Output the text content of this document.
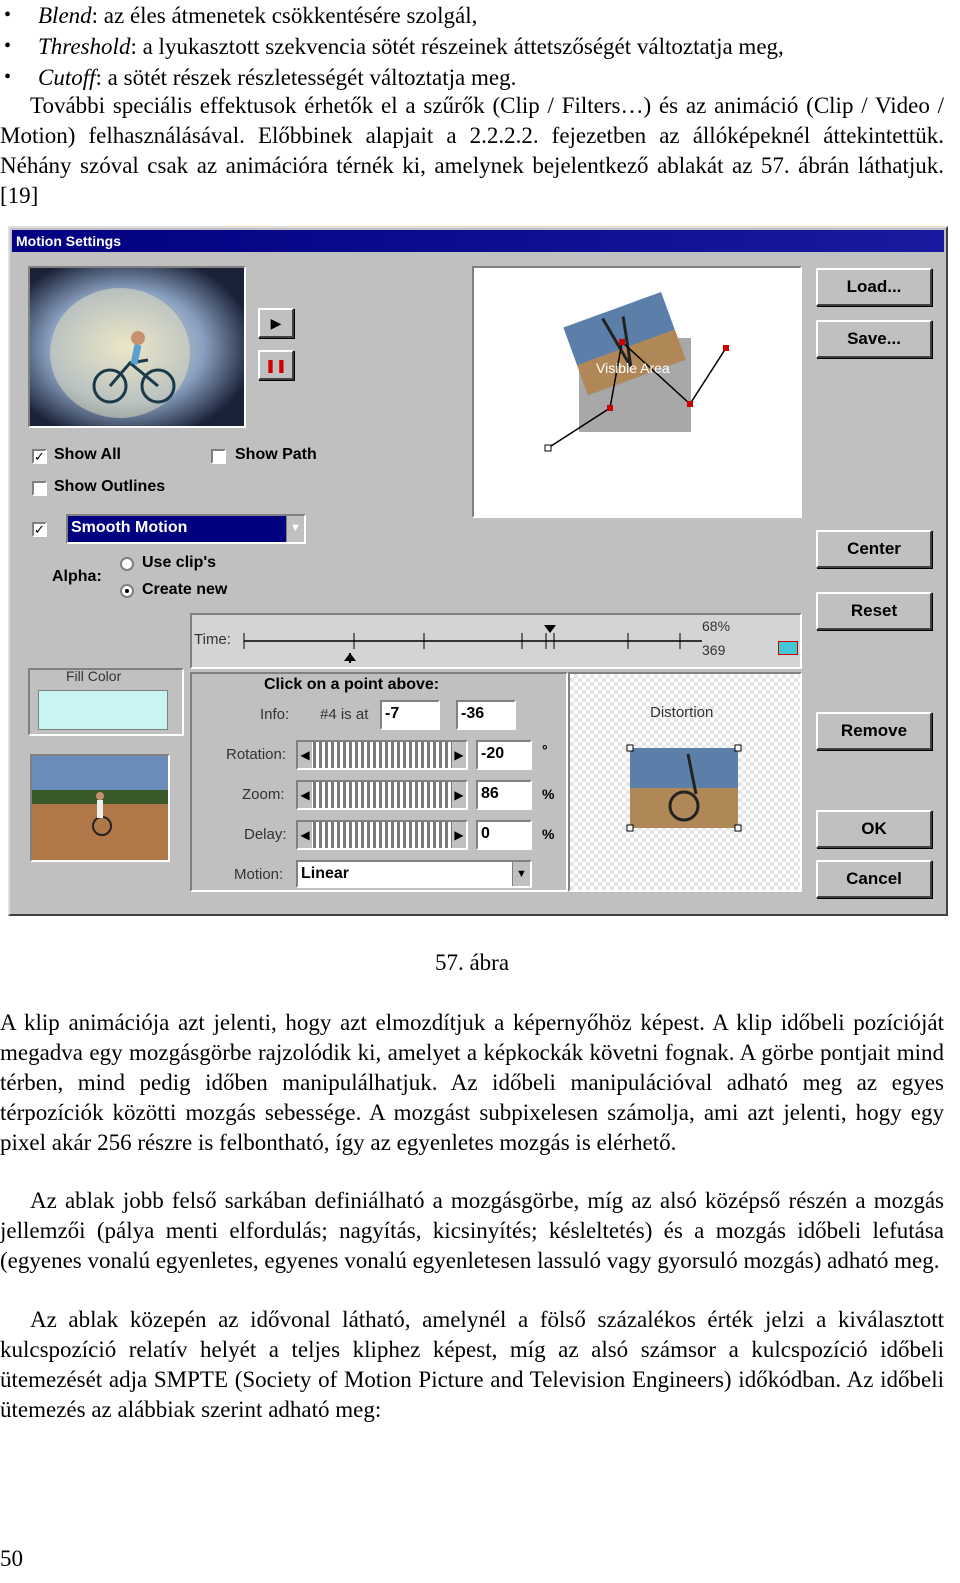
• Blend: az éles átmenetek csökkentésére szolgál,
• Threshold: a lyukasztott szekvencia sötét részeinek áttetszőségét változtatja meg,
• Cutoff: a sötét részek részletességét változtatja meg.

További speciális effektusok érhetők el a szűrők (Clip / Filters…) és az animáció (Clip / Video / Motion) felhasználásával. Előbbinek alapjait a 2.2.2.2. fejezetben az állóképeknél áttekintettük. Néhány szóval csak az animációra térnék ki, amelynek bejelentkező ablakát az 57. ábrán láthatjuk. [19]

Motion Settings
▶
❚❚
✓ Show All	Show Path
Show Outlines
✓	Smooth Motion	▼
Alpha:
Use clip's
Create new
Visible Area
Load...
Save...
Center
Reset
Remove
OK
Cancel
Time:
68%
369
Fill Color	Click on a point above:
Info: #4 is at	-7	-36
Rotation: ◀	▶	-20	°
Zoom: ◀	▶	86	%
Delay: ◀	▶	0	%
Motion:	Linear	▼
Distortion
57. ábra

A klip animációja azt jelenti, hogy azt elmozdítjuk a képernyőhöz képest. A klip időbeli pozícióját megadva egy mozgásgörbe rajzolódik ki, amelyet a képkockák követni fognak. A görbe pontjait mind térben, mind pedig időben manipulálhatjuk. Az időbeli manipulációval adható meg az egyes térpozíciók közötti mozgás sebessége. A mozgást subpixelesen számolja, ami azt jelenti, hogy egy pixel akár 256 részre is felbontható, így az egyenletes mozgás is elérhető.

Az ablak jobb felső sarkában definiálható a mozgásgörbe, míg az alsó középső részén a mozgás jellemzői (pálya menti elfordulás; nagyítás, kicsinyítés; késleltetés) és a mozgás időbeli lefutása (egyenes vonalú egyenletes, egyenes vonalú egyenletesen lassuló vagy gyorsuló mozgás) adható meg.

Az ablak közepén az idővonal látható, amelynél a fölső százalékos érték jelzi a kiválasztott kulcspozíció relatív helyét a teljes kliphez képest, míg az alsó számsor a kulcspozíció időbeli ütemezését adja SMPTE (Society of Motion Picture and Television Engineers) időkódban. Az időbeli ütemezés az alábbiak szerint adható meg:

50
